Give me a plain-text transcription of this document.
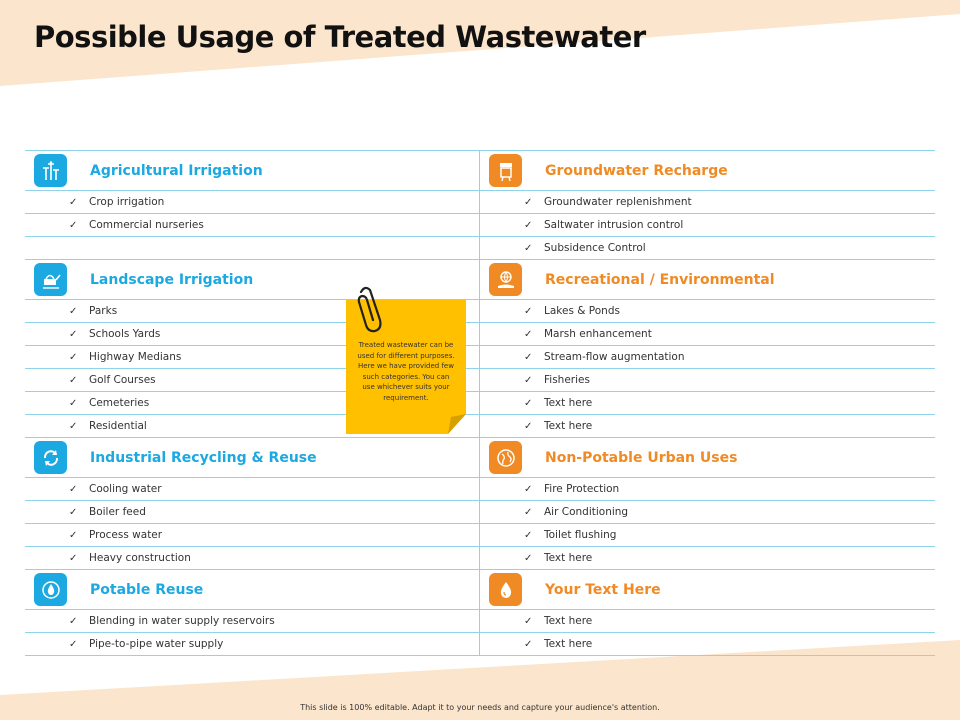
Possible Usage of Treated Wastewater
Agricultural Irrigation
✓	Crop irrigation
✓	Commercial nurseries
Landscape Irrigation
✓	Parks
✓	Schools Yards
✓	Highway Medians
✓	Golf Courses
✓	Cemeteries
✓	Residential
Industrial Recycling & Reuse
✓	Cooling water
✓	Boiler feed
✓	Process water
✓	Heavy construction
Potable Reuse
✓	Blending in water supply reservoirs
✓	Pipe-to-pipe water supply
Groundwater Recharge
✓	Groundwater replenishment
✓	Saltwater intrusion control
✓	Subsidence Control
Recreational / Environmental
✓	Lakes & Ponds
✓	Marsh enhancement
✓	Stream-flow augmentation
✓	Fisheries
✓	Text here
✓	Text here
Non-Potable Urban Uses
✓	Fire Protection
✓	Air Conditioning
✓	Toilet flushing
✓	Text here
Your Text Here
✓	Text here
✓	Text here
Treated wastewater can be used for different purposes. Here we have provided few such categories. You can use whichever suits your requirement.
This slide is 100% editable. Adapt it to your needs and capture your audience's attention.
